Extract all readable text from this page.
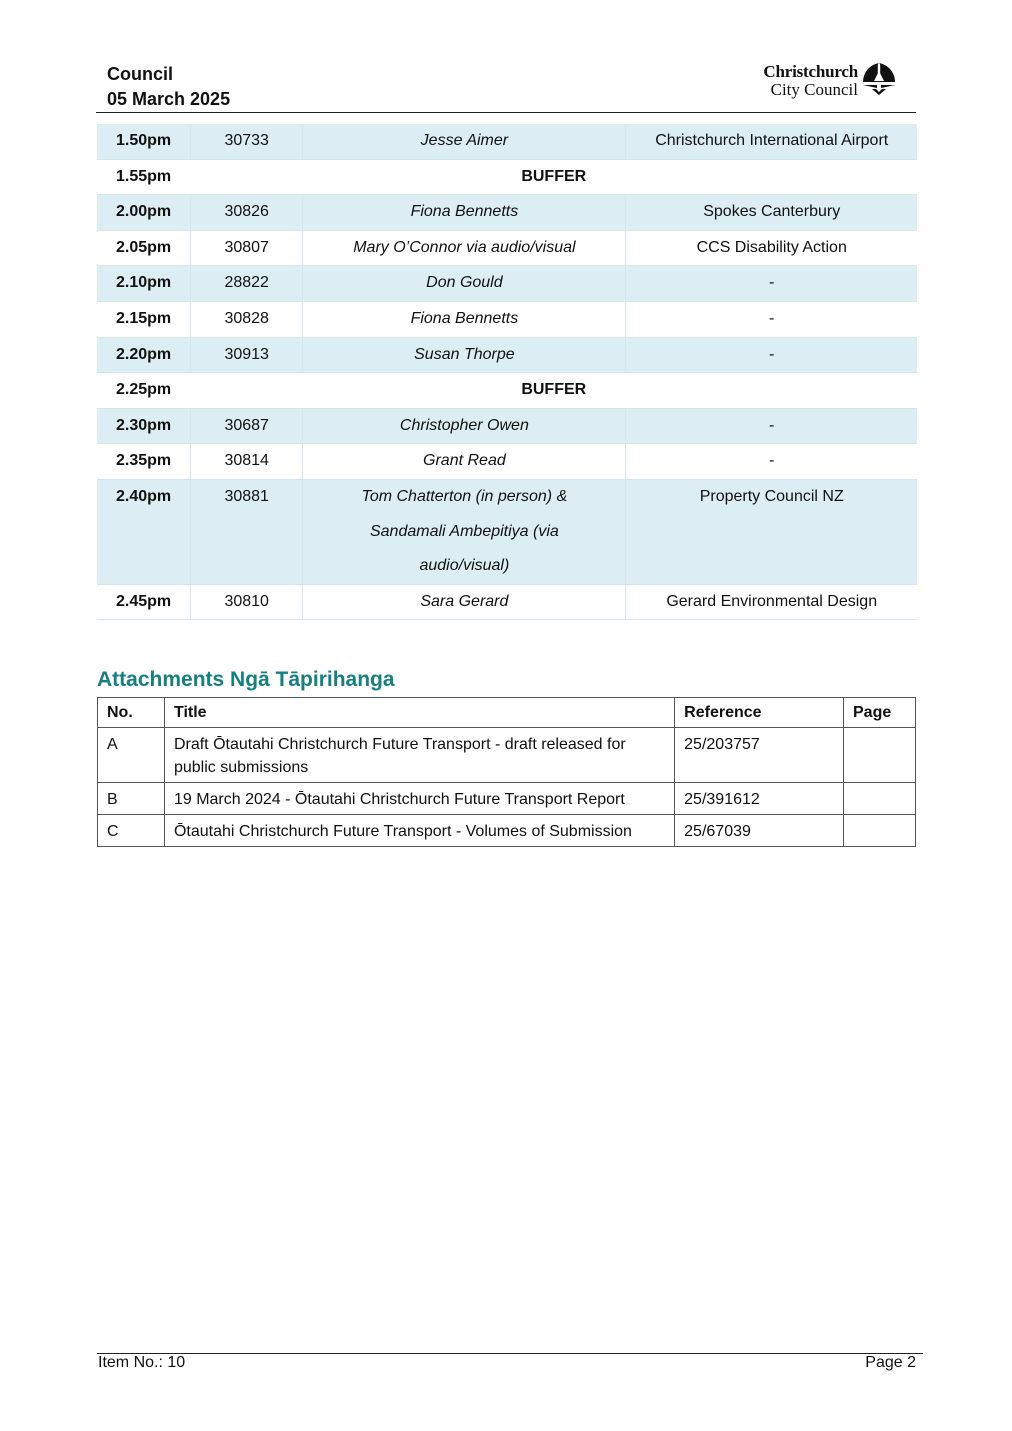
Council
05 March 2025
Christchurch
City Council
1.50pm	30733	Jesse Aimer	Christchurch International Airport
1.55pm	BUFFER		
2.00pm	30826	Fiona Bennetts	Spokes Canterbury
2.05pm	30807	Mary O’Connor via audio/visual	CCS Disability Action
2.10pm	28822	Don Gould	-
2.15pm	30828	Fiona Bennetts	-
2.20pm	30913	Susan Thorpe	-
2.25pm	BUFFER		
2.30pm	30687	Christopher Owen	-
2.35pm	30814	Grant Read	-
2.40pm	30881	Tom Chatterton (in person) & Sandamali Ambepitiya (via audio/visual)	Property Council NZ
2.45pm	30810	Sara Gerard	Gerard Environmental Design
Attachments Ngā Tāpirihanga
No.	Title	Reference	Page
A	Draft Ōtautahi Christchurch Future Transport - draft released for public submissions	25/203757	
B	19 March 2024 - Ōtautahi Christchurch Future Transport Report	25/391612	
C	Ōtautahi Christchurch Future Transport - Volumes of Submission	25/67039	
Item No.: 10	Page 2
